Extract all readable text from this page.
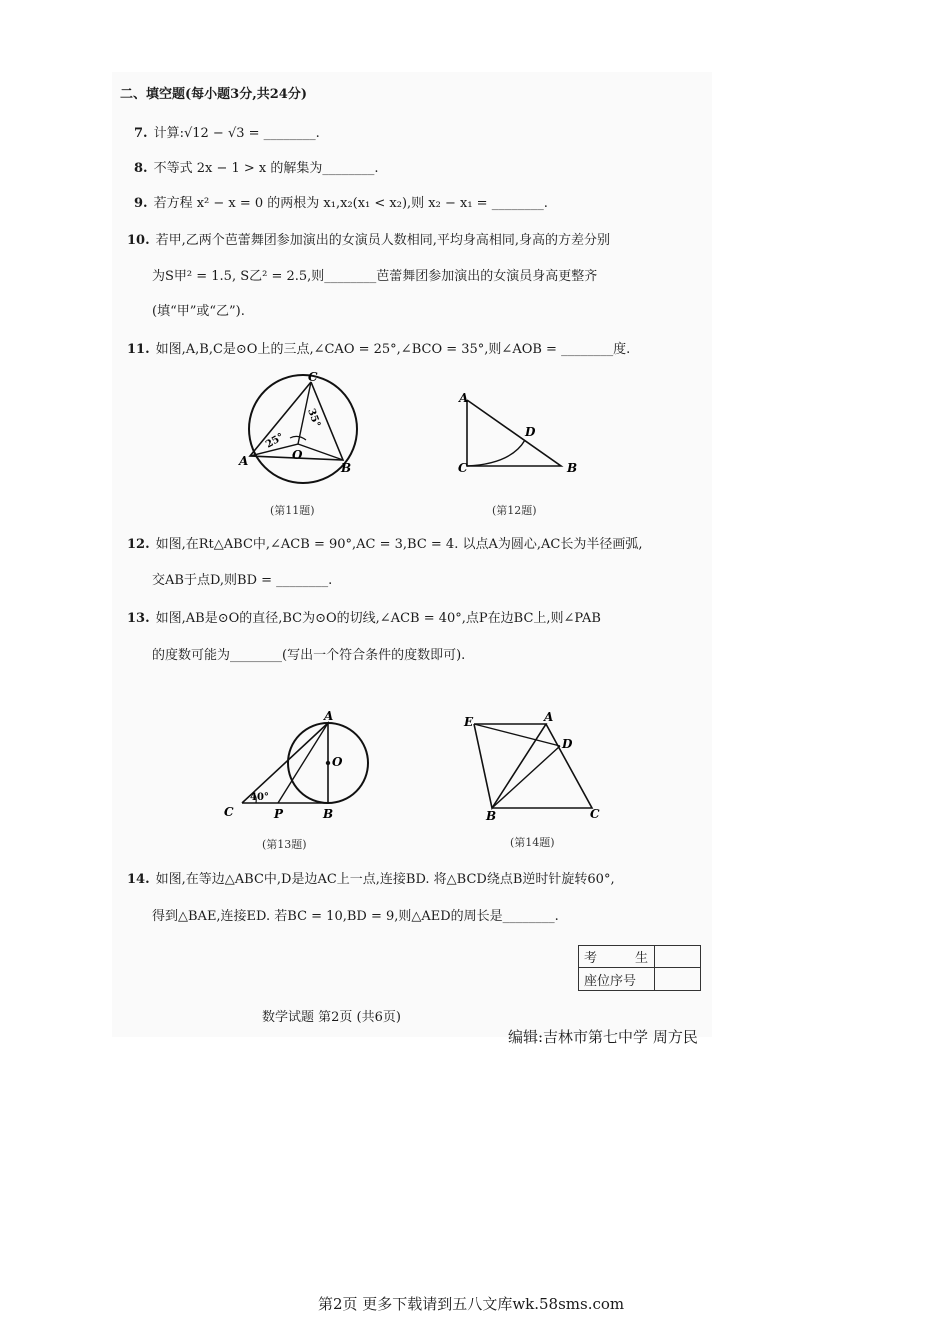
二、填空题(每小题3分,共24分)
7. 计算:√12 − √3 = ________.
8. 不等式 2x − 1 > x 的解集为________.
9. 若方程 x² − x = 0 的两根为 x₁,x₂(x₁ < x₂),则 x₂ − x₁ = ________.
10. 若甲,乙两个芭蕾舞团参加演出的女演员人数相同,平均身高相同,身高的方差分别
为S甲² = 1.5, S乙² = 2.5,则________芭蕾舞团参加演出的女演员身高更整齐
(填“甲”或“乙”).
11. 如图,A,B,C是⊙O上的三点,∠CAO = 25°,∠BCO = 35°,则∠AOB = ________度.
C
A	B
O
25°
35°
(第11题)
A
C	B
D
(第12题)
12. 如图,在Rt△ABC中,∠ACB = 90°,AC = 3,BC = 4. 以点A为圆心,AC长为半径画弧,
交AB于点D,则BD = ________.
13. 如图,AB是⊙O的直径,BC为⊙O的切线,∠ACB = 40°,点P在边BC上,则∠PAB
的度数可能为________(写出一个符合条件的度数即可).
A
O
C	P	B
40°
(第13题)
E	A
D
B	C
(第14题)
14. 如图,在等边△ABC中,D是边AC上一点,连接BD. 将△BCD绕点B逆时针旋转60°,
得到△BAE,连接ED. 若BC = 10,BD = 9,则△AED的周长是________.
考	生
座位序号
数学试题 第2页 (共6页)
编辑:吉林市第七中学 周方民
第2页 更多下载请到五八文库wk.58sms.com
